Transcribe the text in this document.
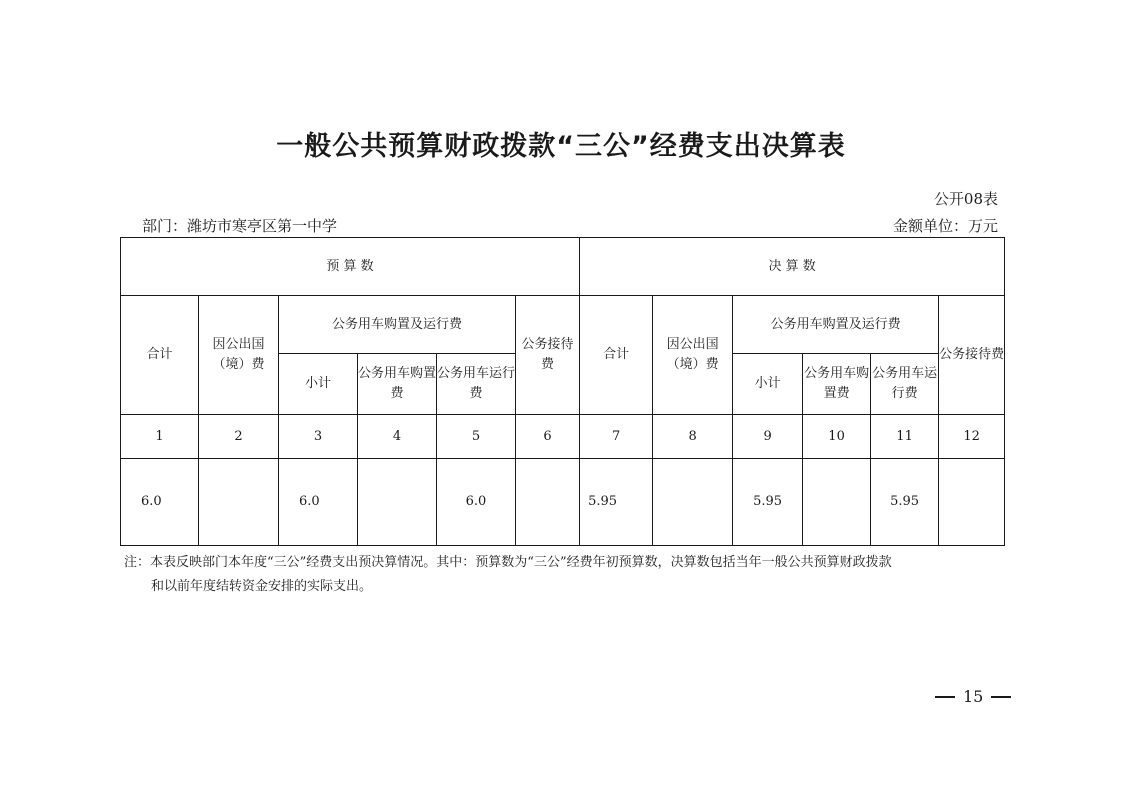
一般公共预算财政拨款“三公”经费支出决算表
公开08表
部门：潍坊市寒亭区第一中学	金额单位：万元
预 算 数						决 算 数					
合计	因公出国（境）费	公务用车购置及运行费			公务接待费	合计	因公出国（境）费	公务用车购置及运行费			公务接待费
		小计	公务用车购置费	公务用车运行费				小计	公务用车购置费	公务用车运行费	
1	2	3	4	5	6	7	8	9	10	11	12
6.0		6.0		6.0		5.95		5.95		5.95	
注：本表反映部门本年度“三公”经费支出预决算情况。其中：预算数为“三公”经费年初预算数，决算数包括当年一般公共预算财政拨款
和以前年度结转资金安排的实际支出。
15
